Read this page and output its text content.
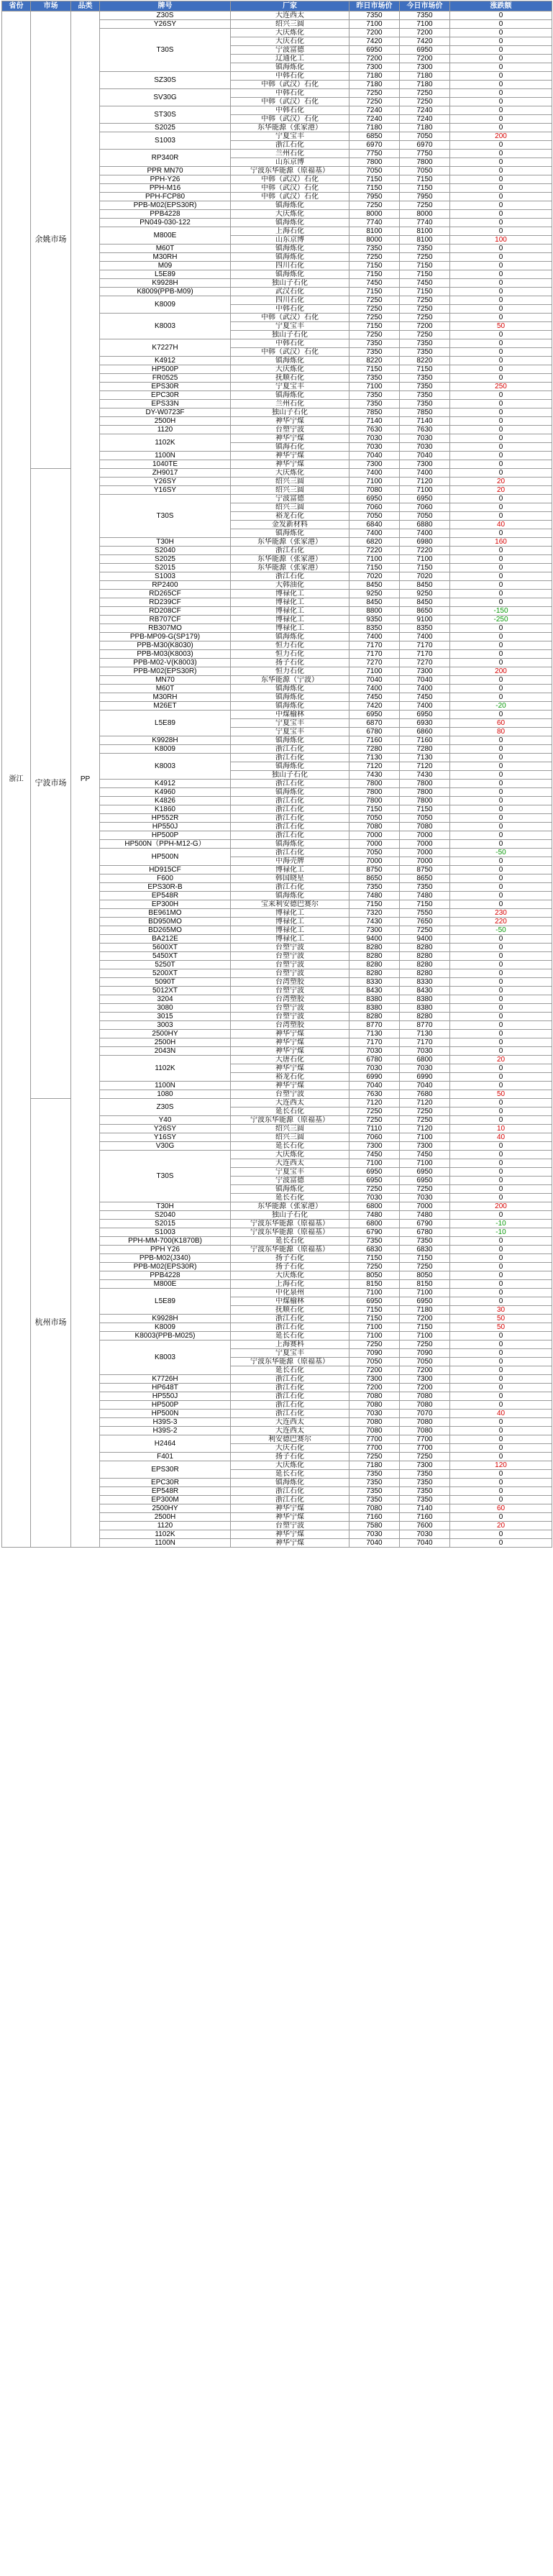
省份	市场	品类	牌号	厂家	昨日市场价	今日市场价	涨跌额
浙江	余姚市场	PP	Z30S	大连西太	7350	7350	0
			Y26SY	绍兴三圆	7100	7100	0
			T30S	大庆炼化	7200	7200	0
				大庆石化	7420	7420	0
				宁波富德	6950	6950	0
				辽通化工	7200	7200	0
				镇海炼化	7300	7300	0
			SZ30S	中韩石化	7180	7180	0
				中韩（武汉）石化	7180	7180	0
			SV30G	中韩石化	7250	7250	0
				中韩（武汉）石化	7250	7250	0
			ST30S	中韩石化	7240	7240	0
				中韩（武汉）石化	7240	7240	0
			S2025	东华能源（张家港）	7180	7180	0
			S1003	宁夏宝丰	6850	7050	200
				浙江石化	6970	6970	0
			RP340R	兰州石化	7750	7750	0
				山东京博	7800	7800	0
			PPR MN70	宁波东华能源（原福基）	7050	7050	0
			PPH-Y26	中韩（武汉）石化	7150	7150	0
			PPH-M16	中韩（武汉）石化	7150	7150	0
			PPH-FCP80	中韩（武汉）石化	7950	7950	0
			PPB-M02(EPS30R)	镇海炼化	7250	7250	0
			PPB4228	大庆炼化	8000	8000	0
			PN049-030-122	镇海炼化	7740	7740	0
			M800E	上海石化	8100	8100	0
				山东京博	8000	8100	100
			M60T	镇海炼化	7350	7350	0
			M30RH	镇海炼化	7250	7250	0
			M09	四川石化	7150	7150	0
			L5E89	镇海炼化	7150	7150	0
			K9928H	独山子石化	7450	7450	0
			K8009(PPB-M09)	武汉石化	7150	7150	0
			K8009	四川石化	7250	7250	0
				中韩石化	7250	7250	0
			K8003	中韩（武汉）石化	7250	7250	0
				宁夏宝丰	7150	7200	50
				独山子石化	7250	7250	0
			K7227H	中韩石化	7350	7350	0
				中韩（武汉）石化	7350	7350	0
			K4912	镇海炼化	8220	8220	0
			HP500P	大庆炼化	7150	7150	0
			FR0525	抚顺石化	7350	7350	0
			EPS30R	宁夏宝丰	7100	7350	250
			EPC30R	镇海炼化	7350	7350	0
			EPS33N	兰州石化	7350	7350	0
			DY-W0723F	独山子石化	7850	7850	0
			2500H	神华宁煤	7140	7140	0
			1120	台塑宁波	7630	7630	0
			1102K	神华宁煤	7030	7030	0
				镇海石化	7030	7030	0
			1100N	神华宁煤	7040	7040	0
			1040TE	神华宁煤	7300	7300	0
	宁波市场		ZH9017	大庆炼化	7400	7400	0
			Y26SY	绍兴三圆	7100	7120	20
			Y16SY	绍兴三圆	7080	7100	20
			T30S	宁波富德	6950	6950	0
				绍兴三圆	7060	7060	0
				裕龙石化	7050	7050	0
				金发新材料	6840	6880	40
				镇海炼化	7400	7400	0
			T30H	东华能源（张家港）	6820	6980	160
			S2040	浙江石化	7220	7220	0
			S2025	东华能源（张家港）	7100	7100	0
			S2015	东华能源（张家港）	7150	7150	0
			S1003	浙江石化	7020	7020	0
			RP2400	大韩油化	8450	8450	0
			RD265CF	博禄化工	9250	9250	0
			RD239CF	博禄化工	8450	8450	0
			RD208CF	博禄化工	8800	8650	-150
			RB707CF	博禄化工	9350	9100	-250
			RB307MO	博禄化工	8350	8350	0
			PPB-MP09-G(SP179)	镇海炼化	7400	7400	0
			PPB-M30(K8030)	恒力石化	7170	7170	0
			PPB-M03(K8003)	恒力石化	7170	7170	0
			PPB-M02-V(K8003)	扬子石化	7270	7270	0
			PPB-M02(EPS30R)	恒力石化	7100	7300	200
			MN70	东华能源（宁波）	7040	7040	0
			M60T	镇海炼化	7400	7400	0
			M30RH	镇海炼化	7450	7450	0
			M26ET	镇海炼化	7420	7400	-20
			L5E89	中煤榆林	6950	6950	0
				宁夏宝丰	6870	6930	60
				宁夏宝丰	6780	6860	80
			K9928H	镇海炼化	7160	7160	0
			K8009	浙江石化	7280	7280	0
			K8003	浙江石化	7130	7130	0
				镇海炼化	7120	7120	0
				独山子石化	7430	7430	0
			K4912	浙江石化	7800	7800	0
			K4960	镇海炼化	7800	7800	0
			K4826	浙江石化	7800	7800	0
			K1860	浙江石化	7150	7150	0
			HP552R	浙江石化	7050	7050	0
			HP550J	浙江石化	7080	7080	0
			HP500P	浙江石化	7000	7000	0
			HP500N（PPH-M12-G）	镇海炼化	7000	7000	0
			HP500N	浙江石化	7050	7000	-50
				中海壳牌	7000	7000	0
			HD915CF	博禄化工	8750	8750	0
			F600	韩国晓星	8650	8650	0
			EPS30R-B	浙江石化	7350	7350	0
			EP548R	镇海炼化	7480	7480	0
			EP300H	宝来利安德巴赛尔	7150	7150	0
			BE961MO	博禄化工	7320	7550	230
			BD950MO	博禄化工	7430	7650	220
			BD265MO	博禄化工	7300	7250	-50
			BA212E	博禄化工	9400	9400	0
			5600XT	台塑宁波	8280	8280	0
			5450XT	台塑宁波	8280	8280	0
			5250T	台塑宁波	8280	8280	0
			5200XT	台塑宁波	8280	8280	0
			5090T	台湾塑胶	8330	8330	0
			5012XT	台塑宁波	8430	8430	0
			3204	台湾塑胶	8380	8380	0
			3080	台塑宁波	8380	8380	0
			3015	台塑宁波	8280	8280	0
			3003	台湾塑胶	8770	8770	0
			2500HY	神华宁煤	7130	7130	0
			2500H	神华宁煤	7170	7170	0
			2043N	神华宁煤	7030	7030	0
			1102K	大唐石化	6780	6800	20
				神华宁煤	7030	7030	0
				裕龙石化	6990	6990	0
			1100N	神华宁煤	7040	7040	0
			1080	台塑宁波	7630	7680	50
	杭州市场		Z30S	大连西太	7120	7120	0
				延长石化	7250	7250	0
			Y40	宁波东华能源（原福基）	7250	7250	0
			Y26SY	绍兴三圆	7110	7120	10
			Y16SY	绍兴三圆	7060	7100	40
			V30G	延长石化	7300	7300	0
			T30S	大庆炼化	7450	7450	0
				大连西太	7100	7100	0
				宁夏宝丰	6950	6950	0
				宁波富德	6950	6950	0
				镇海炼化	7250	7250	0
				延长石化	7030	7030	0
			T30H	东华能源（张家港）	6800	7000	200
			S2040	独山子石化	7480	7480	0
			S2015	宁波东华能源（原福基）	6800	6790	-10
			S1003	宁波东华能源（原福基）	6790	6780	-10
			PPH-MM-700(K1870B)	延长石化	7350	7350	0
			PPH Y26	宁波东华能源（原福基）	6830	6830	0
			PPB-M02(J340)	扬子石化	7150	7150	0
			PPB-M02(EPS30R)	扬子石化	7250	7250	0
			PPB4228	大庆炼化	8050	8050	0
			M800E	上海石化	8150	8150	0
			L5E89	中化泉州	7100	7100	0
				中煤榆林	6950	6950	0
				抚顺石化	7150	7180	30
			K9928H	浙江石化	7150	7200	50
			K8009	浙江石化	7100	7150	50
			K8003(PPB-M025)	延长石化	7100	7100	0
			K8003	上海赛科	7250	7250	0
				宁夏宝丰	7090	7090	0
				宁波东华能源（原福基）	7050	7050	0
				延长石化	7200	7200	0
			K7726H	浙江石化	7300	7300	0
			HP648T	浙江石化	7200	7200	0
			HP550J	浙江石化	7080	7080	0
			HP500P	浙江石化	7080	7080	0
			HP500N	浙江石化	7030	7070	40
			H39S-3	大连西太	7080	7080	0
			H39S-2	大连西太	7080	7080	0
			H2464	利安德巴赛尔	7700	7700	0
				大庆石化	7700	7700	0
			F401	扬子石化	7250	7250	0
			EPS30R	大庆炼化	7180	7300	120
				延长石化	7350	7350	0
			EPC30R	镇海炼化	7350	7350	0
			EP548R	浙江石化	7350	7350	0
			EP300M	浙江石化	7350	7350	0
			2500HY	神华宁煤	7080	7140	60
			2500H	神华宁煤	7160	7160	0
			1120	台塑宁波	7580	7600	20
			1102K	神华宁煤	7030	7030	0
			1100N	神华宁煤	7040	7040	0
